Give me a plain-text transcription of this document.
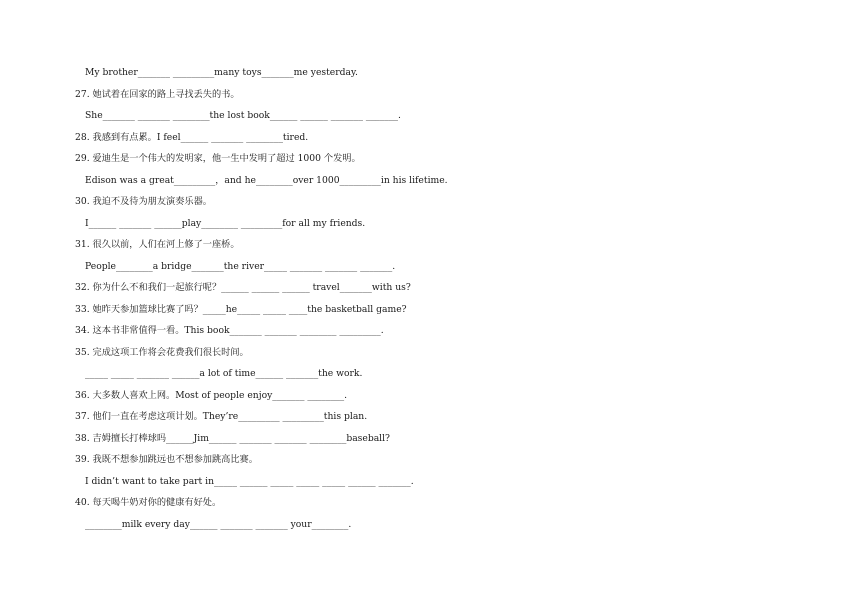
My brother_______ _________many toys_______me yesterday.
27. 她试着在回家的路上寻找丢失的书。
She_______ _______ ________the lost book______ ______ _______ _______.
28. 我感到有点累。I feel______ _______ ________tired.
29. 爱迪生是一个伟大的发明家，他一生中发明了超过 1000 个发明。
Edison was a great_________，and he________over 1000_________in his lifetime.
30. 我迫不及待为朋友演奏乐器。
I______ _______ ______play________ _________for all my friends.
31. 很久以前，人们在河上修了一座桥。
People________a bridge_______the river_____ _______ _______ _______.
32. 你为什么不和我们一起旅行呢？______ ______ ______ travel_______with us?
33. 她昨天参加篮球比赛了吗？_____he_____ _____ ____the basketball game?
34. 这本书非常值得一看。This book_______ _______ ________ _________.
35. 完成这项工作将会花费我们很长时间。
_____ _____ _______ ______a lot of time______ _______the work.
36. 大多数人喜欢上网。Most of people enjoy_______ ________.
37. 他们一直在考虑这项计划。They’re_________ _________this plan.
38. 吉姆擅长打棒球吗______Jim______ _______ _______ ________baseball?
39. 我既不想参加跳远也不想参加跳高比赛。
I didn’t want to take part in_____ ______ _____ _____ _____ ______ _______.
40. 每天喝牛奶对你的健康有好处。
________milk every day______ _______ _______ your________.
